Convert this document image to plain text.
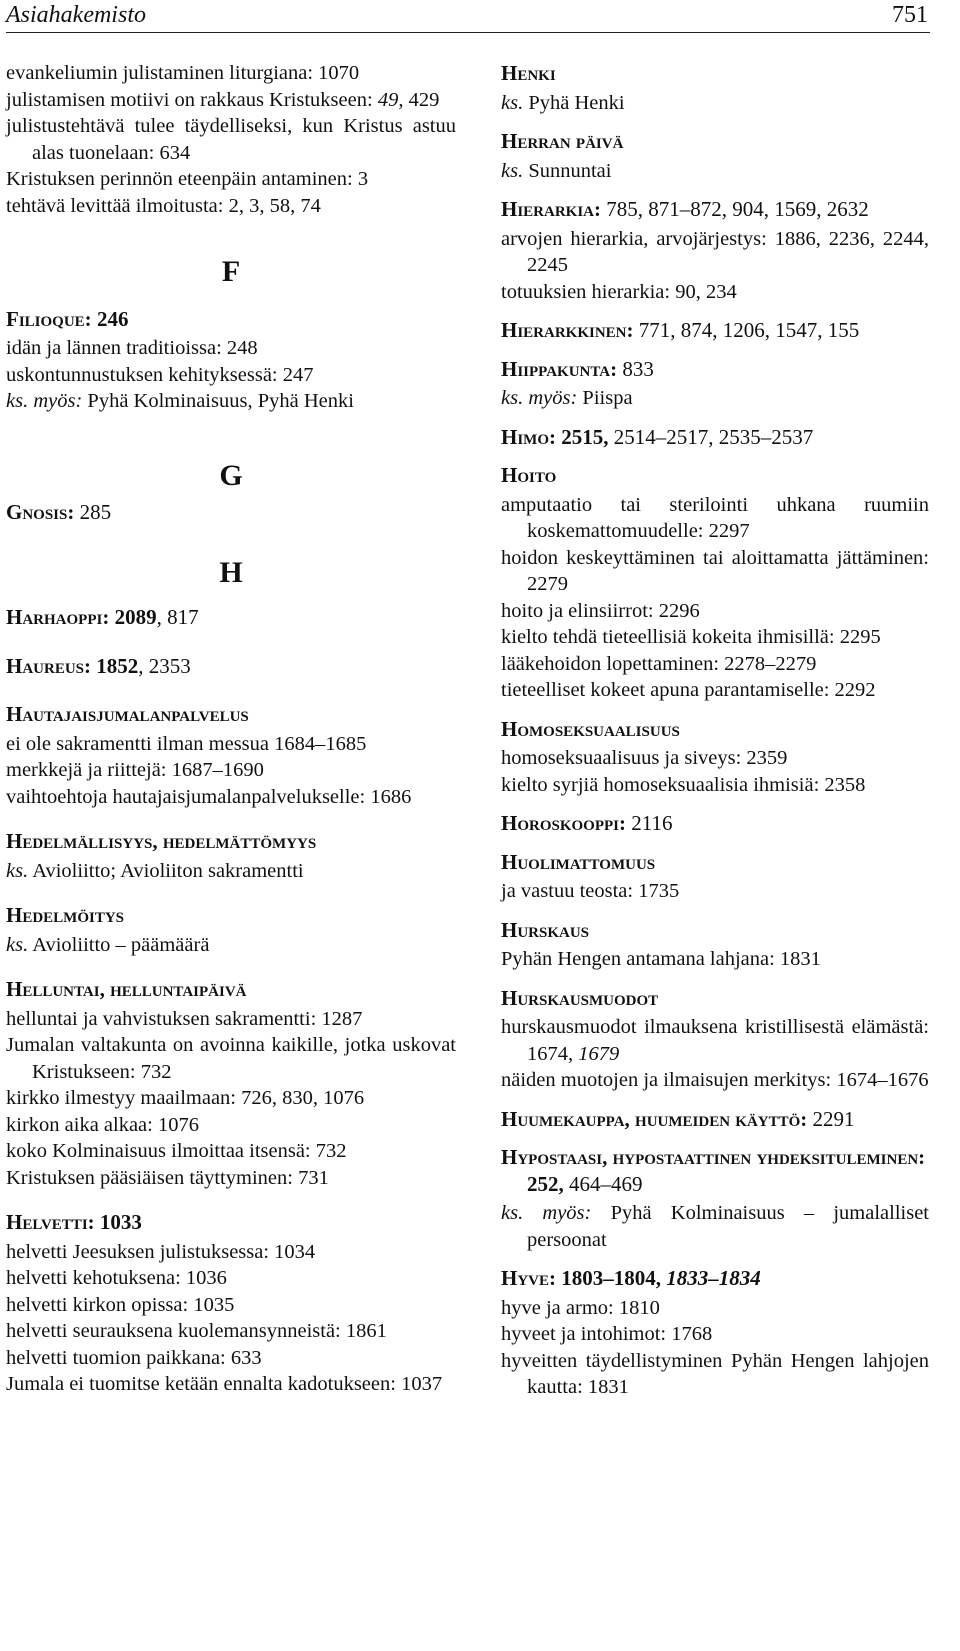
Asiahakemisto	751
evankeliumin julistaminen liturgiana: 1070
julistamisen motiivi on rakkaus Kristukseen: 49, 429
julistustehtävä tulee täydelliseksi, kun Kristus astuu alas tuonelaan: 634
Kristuksen perinnön eteenpäin antaminen: 3
tehtävä levittää ilmoitusta: 2, 3, 58, 74
F
Filioque: 246
idän ja lännen traditioissa: 248
uskontunnustuksen kehityksessä: 247
ks. myös: Pyhä Kolminaisuus, Pyhä Henki
G
Gnosis: 285
H
Harhaoppi: 2089, 817
Haureus: 1852, 2353
Hautajaisjumalanpalvelus
ei ole sakramentti ilman messua 1684–1685
merkkejä ja riittejä: 1687–1690
vaihtoehtoja hautajaisjumalanpalvelukselle: 1686
Hedelmällisyys, hedelmättömyys
ks. Avioliitto; Avioliiton sakramentti
Hedelmöitys
ks. Avioliitto – päämäärä
Helluntai, helluntaipäivä
helluntai ja vahvistuksen sakramentti: 1287
Jumalan valtakunta on avoinna kaikille, jotka uskovat Kristukseen: 732
kirkko ilmestyy maailmaan: 726, 830, 1076
kirkon aika alkaa: 1076
koko Kolminaisuus ilmoittaa itsensä: 732
Kristuksen pääsiäisen täyttyminen: 731
Helvetti: 1033
helvetti Jeesuksen julistuksessa: 1034
helvetti kehotuksena: 1036
helvetti kirkon opissa: 1035
helvetti seurauksena kuolemansynneistä: 1861
helvetti tuomion paikkana: 633
Jumala ei tuomitse ketään ennalta kadotukseen: 1037
Henki
ks. Pyhä Henki
Herran päivä
ks. Sunnuntai
Hierarkia: 785, 871–872, 904, 1569, 2632
arvojen hierarkia, arvojärjestys: 1886, 2236, 2244, 2245
totuuksien hierarkia: 90, 234
Hierarkkinen: 771, 874, 1206, 1547, 155
Hiippakunta: 833
ks. myös: Piispa
Himo: 2515, 2514–2517, 2535–2537
Hoito
amputaatio tai sterilointi uhkana ruumiin koskemattomuudelle: 2297
hoidon keskeyttäminen tai aloittamatta jättäminen: 2279
hoito ja elinsiirrot: 2296
kielto tehdä tieteellisiä kokeita ihmisillä: 2295
lääkehoidon lopettaminen: 2278–2279
tieteelliset kokeet apuna parantamiselle: 2292
Homoseksuaalisuus
homoseksuaalisuus ja siveys: 2359
kielto syrjiä homoseksuaalisia ihmisiä: 2358
Horoskooppi: 2116
Huolimattomuus
ja vastuu teosta: 1735
Hurskaus
Pyhän Hengen antamana lahjana: 1831
Hurskausmuodot
hurskausmuodot ilmauksena kristillisestä elämästä: 1674, 1679
näiden muotojen ja ilmaisujen merkitys: 1674–1676
Huumekauppa, huumeiden käyttö: 2291
Hypostaasi, hypostaattinen yhdeksituleminen: 252, 464–469
ks. myös: Pyhä Kolminaisuus – jumalalliset persoonat
Hyve: 1803–1804, 1833–1834
hyve ja armo: 1810
hyveet ja intohimot: 1768
hyveitten täydellistyminen Pyhän Hengen lahjojen kautta: 1831
